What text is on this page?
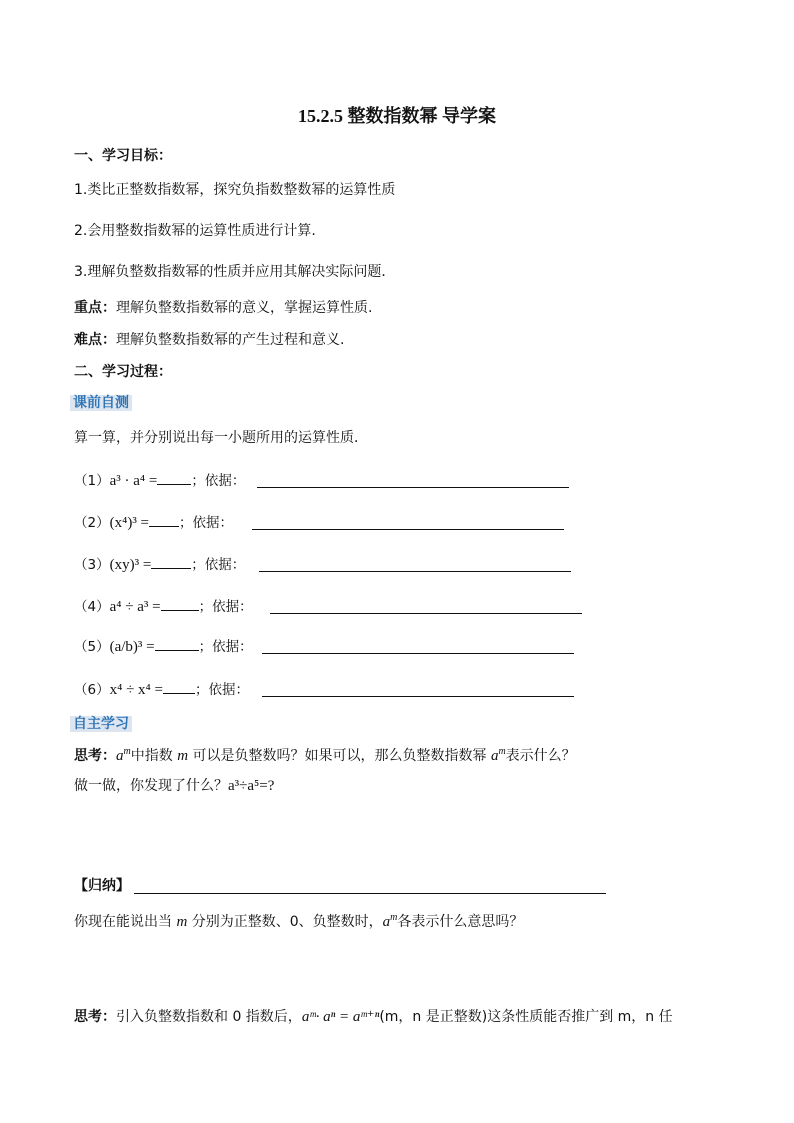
15.2.5 整数指数幂 导学案
一、学习目标：
1.类比正整数指数幂，探究负指数整数幂的运算性质
2.会用整数指数幂的运算性质进行计算.
3.理解负整数指数幂的性质并应用其解决实际问题．
重点：理解负整数指数幂的意义，掌握运算性质.
难点：理解负整数指数幂的产生过程和意义.
二、学习过程：
课前自测
算一算，并分别说出每一小题所用的运算性质．
（1）a³ · a⁴ =	；依据：
（2）(x⁴)³ = ；依据：
（3）(xy)³ =	；依据：
（4）a⁴ ÷ a³ =	；依据：
（5）(a/b)³ =	；依据：
（6）x⁴ ÷ x⁴ = ；依据：
自主学习
思考：$a^m$中指数 m 可以是负整数吗？如果可以，那么负整数指数幂 $a^m$表示什么？
做一做，你发现了什么？a³÷a⁵=?
【归纳】
你现在能说出当 m 分别为正整数、0、负整数时，$a^m$各表示什么意思吗？
思考：引入负整数指数和 0 指数后，aᵐ· aⁿ = aᵐ⁺ⁿ(m，n 是正整数)这条性质能否推广到 m，n 任
